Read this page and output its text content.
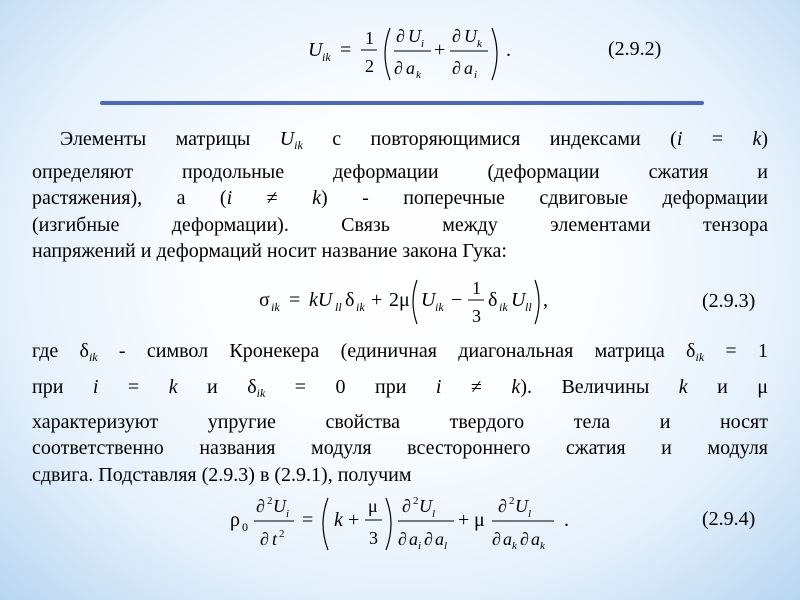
U ik =
1
2
∂ U i
∂ a k
+
∂ U k
∂ a i
.	(2.9.2)
Элементы матрицы $U_{ik}$ с повторяющимися индексами (i = k)
определяют продольные деформации (деформации сжатия и
растяжения), а (i ≠ k) - поперечные сдвиговые деформации
(изгибные деформации). Связь между элементами тензора
напряжений и деформаций носит название закона Гука:
σ ik = kU ll δ ik + 2μ U ik −
1
3
δ ik U ll ,	(2.9.3)
где $\delta_{ik}$ - символ Кронекера (единичная диагональная матрица $\delta_{ik} = 1$
при i = k и $\delta_{ik} = 0$ при i ≠ k). Величины k и μ
характеризуют упругие свойства твердого тела и носят
соответственно названия модуля всестороннего сжатия и модуля
сдвига. Подставляя (2.9.3) в (2.9.1), получим
ρ 0
∂ 2 U i
∂ t 2
= k +
μ
3
∂ 2 U l
∂ a i ∂ a l
+ μ
∂ 2 U l
∂ a k ∂ a k
.	(2.9.4)
